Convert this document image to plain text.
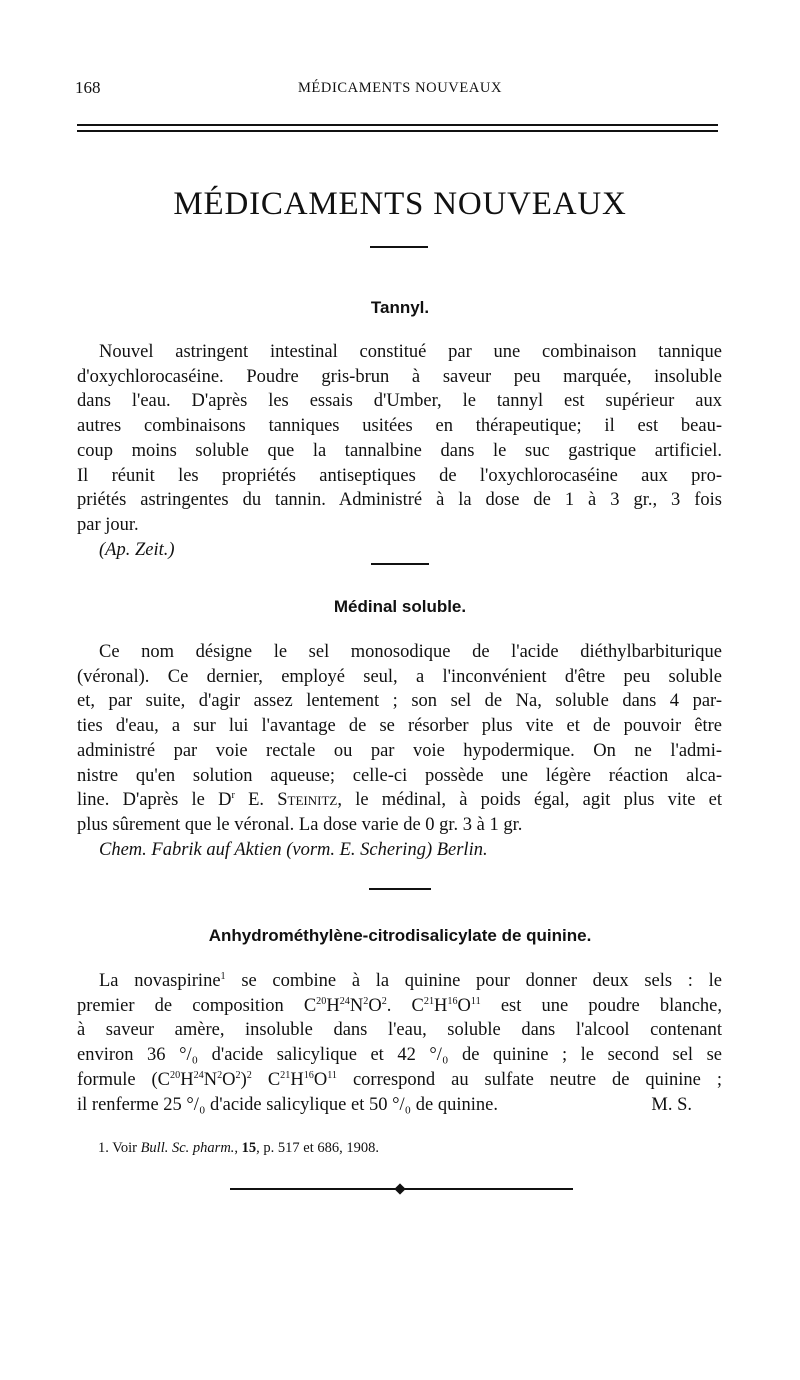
168	MÉDICAMENTS NOUVEAUX
MÉDICAMENTS NOUVEAUX
Tannyl.
Nouvel astringent intestinal constitué par une combinaison tannique
d'oxychlorocaséine. Poudre gris-brun à saveur peu marquée, insoluble
dans l'eau. D'après les essais d'Umber, le tannyl est supérieur aux
autres combinaisons tanniques usitées en thérapeutique; il est beau-
coup moins soluble que la tannalbine dans le suc gastrique artificiel.
Il réunit les propriétés antiseptiques de l'oxychlorocaséine aux pro-
priétés astringentes du tannin. Administré à la dose de 1 à 3 gr., 3 fois
par jour.
(Ap. Zeit.)
Médinal soluble.
Ce nom désigne le sel monosodique de l'acide diéthylbarbiturique
(véronal). Ce dernier, employé seul, a l'inconvénient d'être peu soluble
et, par suite, d'agir assez lentement ; son sel de Na, soluble dans 4 par-
ties d'eau, a sur lui l'avantage de se résorber plus vite et de pouvoir être
administré par voie rectale ou par voie hypodermique. On ne l'admi-
nistre qu'en solution aqueuse; celle-ci possède une légère réaction alca-
line. D'après le $D^r$ E. Steinitz, le médinal, à poids égal, agit plus vite et
plus sûrement que le véronal. La dose varie de 0 gr. 3 à 1 gr.
Chem. Fabrik auf Aktien (vorm. E. Schering) Berlin.
Anhydrométhylène-citrodisalicylate de quinine.
La novaspirine$^1$ se combine à la quinine pour donner deux sels : le
premier de composition $C^{20}H^{24}N^2O^2$. $C^{21}H^{16}O^{11}$ est une poudre blanche,
à saveur amère, insoluble dans l'eau, soluble dans l'alcool contenant
environ 36 °/₀ d'acide salicylique et 42 °/₀ de quinine ; le second sel se
formule $(C^{20}H^{24}N^2O^2)^2$ $C^{21}H^{16}O^{11}$ correspond au sulfate neutre de quinine ;
il renferme 25 °/₀ d'acide salicylique et 50 °/₀ de quinine.	M. S.
1. Voir Bull. Sc. pharm., 15, p. 517 et 686, 1908.
